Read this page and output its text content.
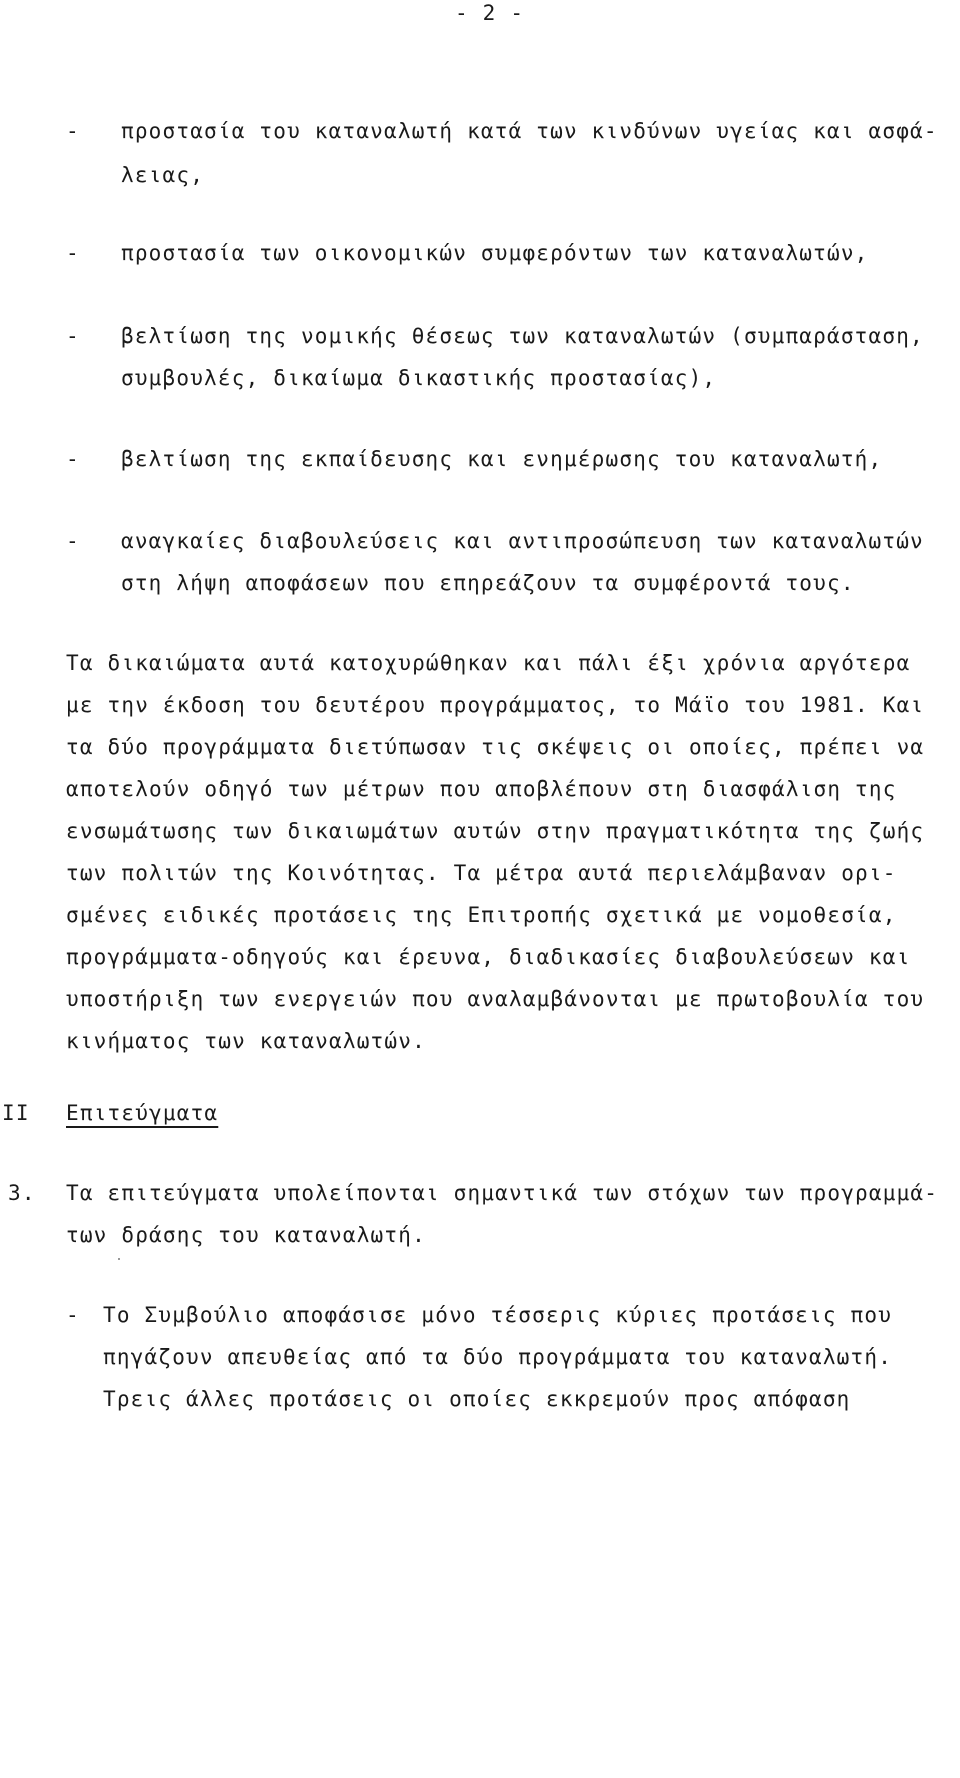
- 2 -
- προστασία του καταναλωτή κατά των κινδύνων υγείας και ασφά-
λειας,
- προστασία των οικονομικών συμφερόντων των καταναλωτών,
- βελτίωση της νομικής θέσεως των καταναλωτών (συμπαράσταση,
συμβουλές, δικαίωμα δικαστικής προστασίας),
- βελτίωση της εκπαίδευσης και ενημέρωσης του καταναλωτή,
- αναγκαίες διαβουλεύσεις και αντιπροσώπευση των καταναλωτών
στη λήψη αποφάσεων που επηρεάζουν τα συμφέροντά τους.
Τα δικαιώματα αυτά κατοχυρώθηκαν και πάλι έξι χρόνια αργότερα
με την έκδοση του δευτέρου προγράμματος, το Μάϊο του 1981. Και
τα δύο προγράμματα διετύπωσαν τις σκέψεις οι οποίες, πρέπει να
αποτελούν οδηγό των μέτρων που αποβλέπουν στη διασφάλιση της
ενσωμάτωσης των δικαιωμάτων αυτών στην πραγματικότητα της ζωής
των πολιτών της Κοινότητας. Τα μέτρα αυτά περιελάμβαναν ορι-
σμένες ειδικές προτάσεις της Επιτροπής σχετικά με νομοθεσία,
προγράμματα-οδηγούς και έρευνα, διαδικασίες διαβουλεύσεων και
υποστήριξη των ενεργειών που αναλαμβάνονται με πρωτοβουλία του
κινήματος των καταναλωτών.
II Επιτεύγματα
3. Τα επιτεύγματα υπολείπονται σημαντικά των στόχων των προγραμμά-
των δράσης του καταναλωτή.
- Το Συμβούλιο αποφάσισε μόνο τέσσερις κύριες προτάσεις που
πηγάζουν απευθείας από τα δύο προγράμματα του καταναλωτή.
Τρεις άλλες προτάσεις οι οποίες εκκρεμούν προς απόφαση
